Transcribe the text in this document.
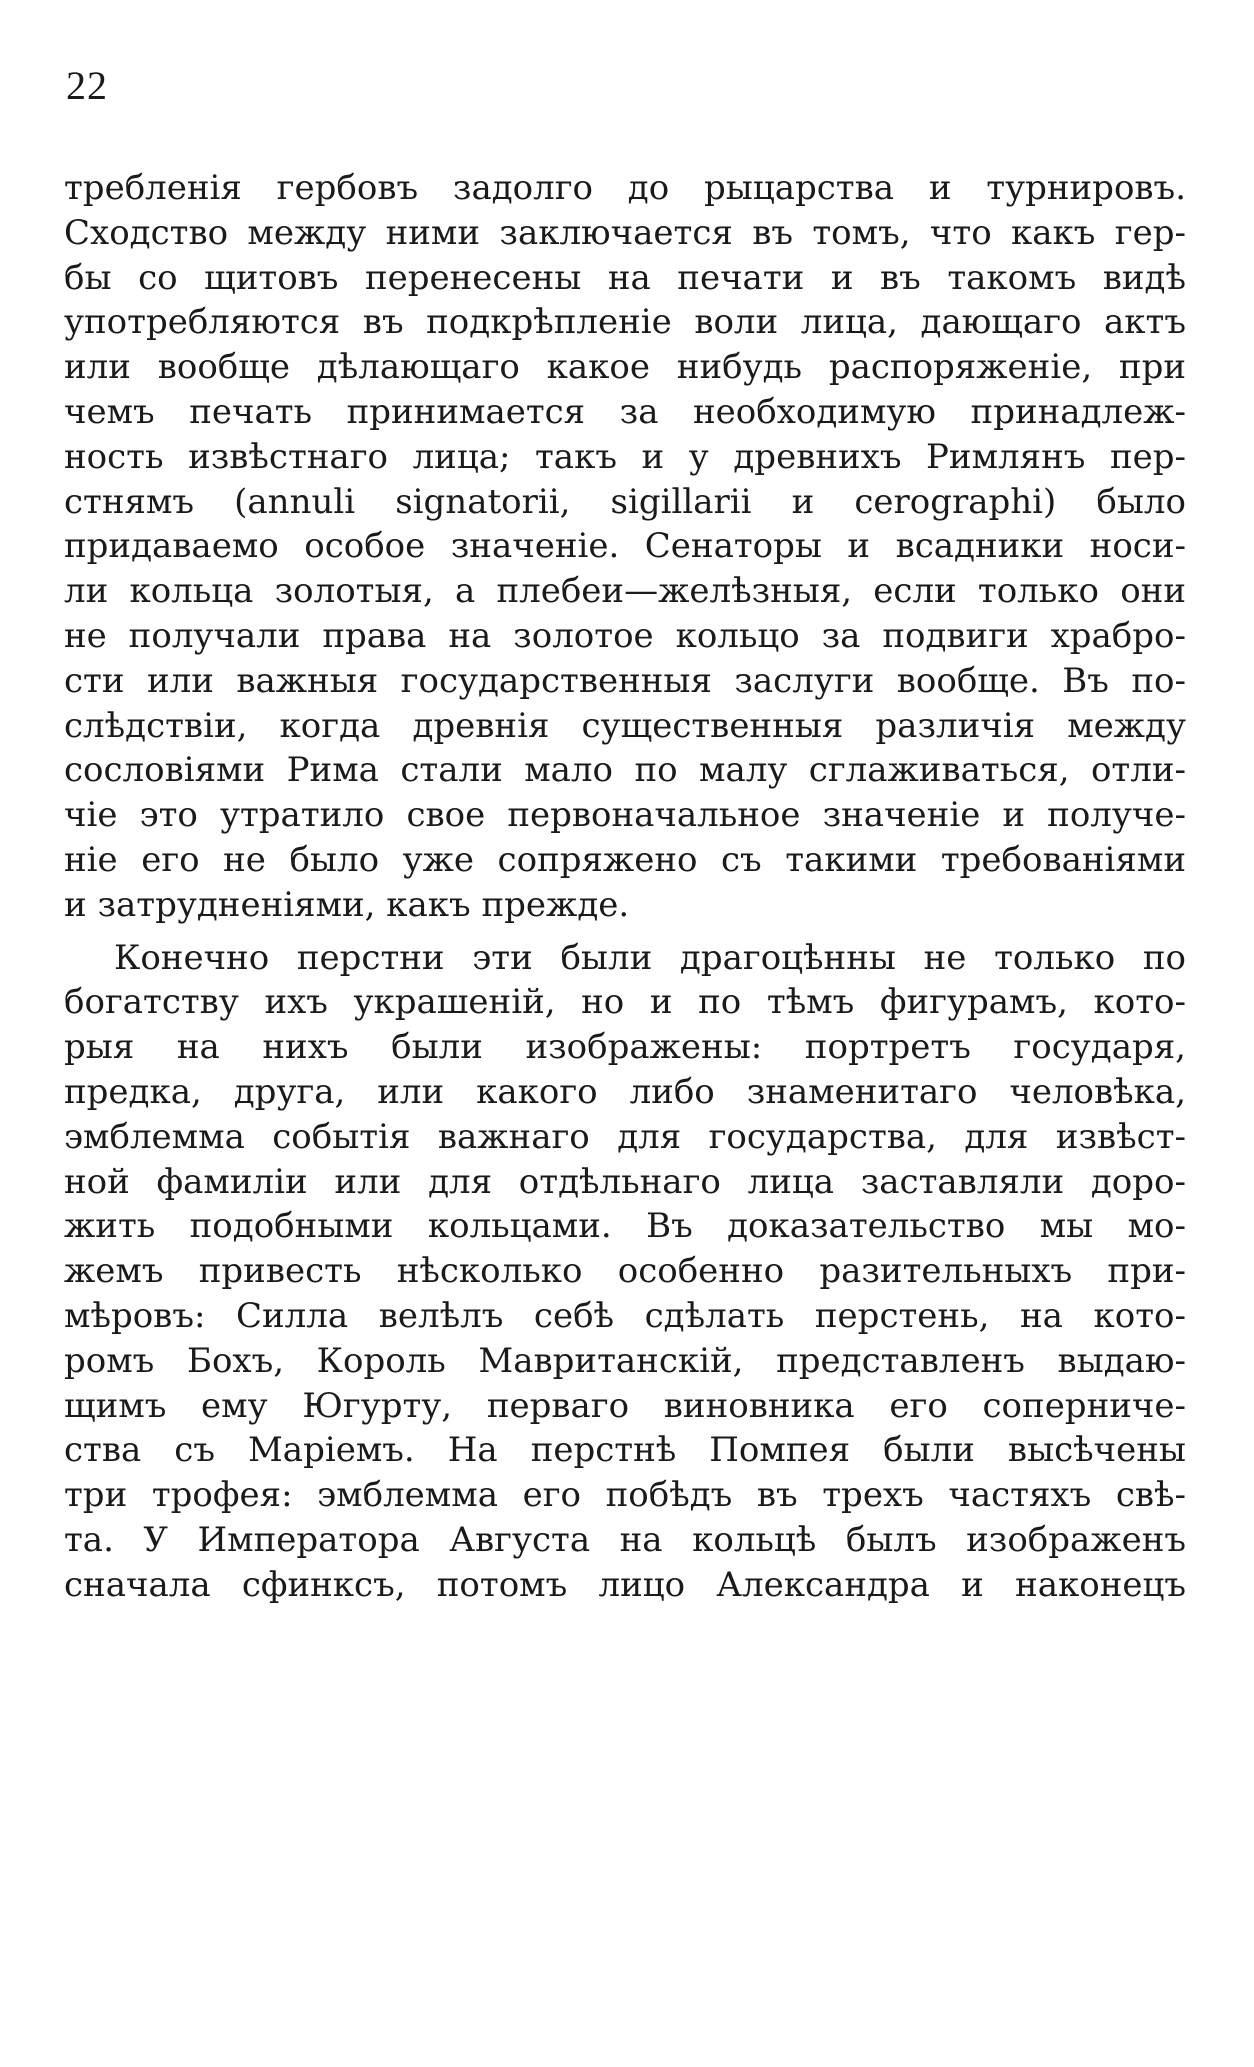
22
требленія гербовъ задолго до рыцарства и турнировъ.
Сходство между ними заключается въ томъ, что какъ гер-
бы со щитовъ перенесены на печати и въ такомъ видѣ
употребляются въ подкрѣпленіе воли лица, дающаго актъ
или вообще дѣлающаго какое нибудь распоряженіе, при
чемъ печать принимается за необходимую принадлеж-
ность извѣстнаго лица; такъ и у древнихъ Римлянъ пер-
стнямъ (annuli signatorii, sigillarii и cerographi) было
придаваемо особое значеніе. Сенаторы и всадники носи-
ли кольца золотыя, а плебеи—желѣзныя, если только они
не получали права на золотое кольцо за подвиги храбро-
сти или важныя государственныя заслуги вообще. Въ по-
слѣдствіи, когда древнія существенныя различія между
сословіями Рима стали мало по малу сглаживаться, отли-
чіе это утратило свое первоначальное значеніе и получе-
ніе его не было уже сопряжено съ такими требованіями
и затрудненіями, какъ прежде.
Конечно перстни эти были драгоцѣнны не только по
богатству ихъ украшеній, но и по тѣмъ фигурамъ, кото-
рыя на нихъ были изображены: портретъ государя,
предка, друга, или какого либо знаменитаго человѣка,
эмблемма событія важнаго для государства, для извѣст-
ной фамиліи или для отдѣльнаго лица заставляли дорo-
жить подобными кольцами. Въ доказательство мы мо-
жемъ привесть нѣсколько особенно разительныхъ при-
мѣровъ: Силла велѣлъ себѣ сдѣлать перстень, на кото-
ромъ Бохъ, Король Мавританскій, представленъ выдаю-
щимъ ему Югурту, перваго виновника его соперниче-
ства съ Маріемъ. На перстнѣ Помпея были высѣчены
три трофея: эмблемма его побѣдъ въ трехъ частяхъ свѣ-
та. У Императора Августа на кольцѣ былъ изображенъ
сначала сфинксъ, потомъ лицо Александра и наконецъ
